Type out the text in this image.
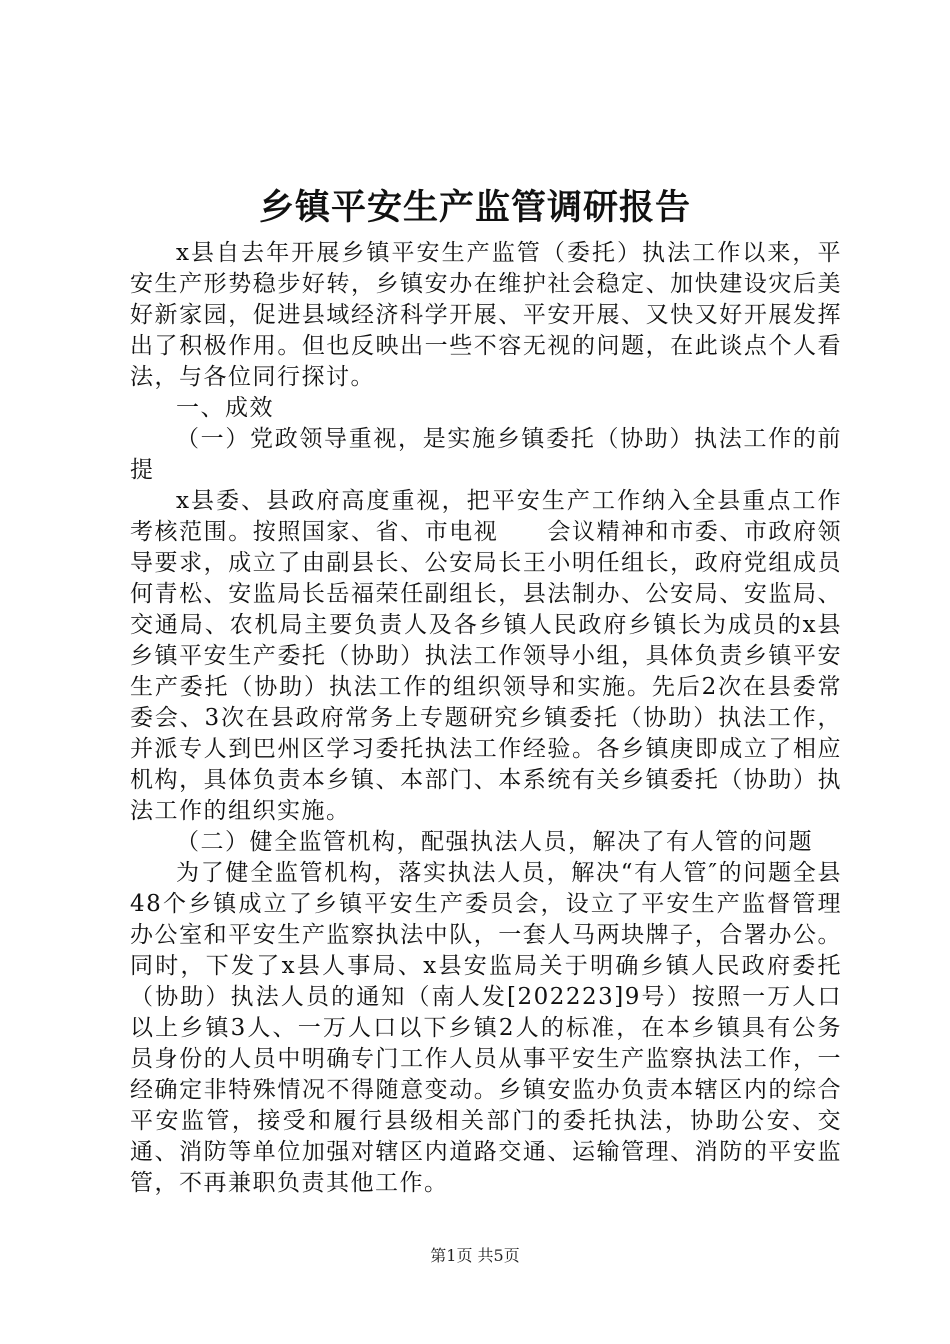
乡镇平安生产监管调研报告

x县自去年开展乡镇平安生产监管（委托）执法工作以来，平安生产形势稳步好转，乡镇安办在维护社会稳定、加快建设灾后美好新家园，促进县域经济科学开展、平安开展、又快又好开展发挥出了积极作用。但也反映出一些不容无视的问题，在此谈点个人看法，与各位同行探讨。

一、成效

（一）党政领导重视，是实施乡镇委托（协助）执法工作的前提

x县委、县政府高度重视，把平安生产工作纳入全县重点工作考核范围。按照国家、省、市电视　　会议精神和市委、市政府领导要求，成立了由副县长、公安局长王小明任组长，政府党组成员何青松、安监局长岳福荣任副组长，县法制办、公安局、安监局、交通局、农机局主要负责人及各乡镇人民政府乡镇长为成员的x县乡镇平安生产委托（协助）执法工作领导小组，具体负责乡镇平安生产委托（协助）执法工作的组织领导和实施。先后2次在县委常委会、3次在县政府常务上专题研究乡镇委托（协助）执法工作，并派专人到巴州区学习委托执法工作经验。各乡镇庚即成立了相应机构，具体负责本乡镇、本部门、本系统有关乡镇委托（协助）执法工作的组织实施。

（二）健全监管机构，配强执法人员，解决了有人管的问题

为了健全监管机构，落实执法人员，解决“有人管″的问题全县48个乡镇成立了乡镇平安生产委员会，设立了平安生产监督管理办公室和平安生产监察执法中队，一套人马两块牌子，合署办公。同时，下发了x县人事局、x县安监局关于明确乡镇人民政府委托（协助）执法人员的通知（南人发[202223]9号）按照一万人口以上乡镇3人、一万人口以下乡镇2人的标准，在本乡镇具有公务员身份的人员中明确专门工作人员从事平安生产监察执法工作，一经确定非特殊情况不得随意变动。乡镇安监办负责本辖区内的综合平安监管，接受和履行县级相关部门的委托执法，协助公安、交通、消防等单位加强对辖区内道路交通、运输管理、消防的平安监管，不再兼职负责其他工作。

第1页 共5页
